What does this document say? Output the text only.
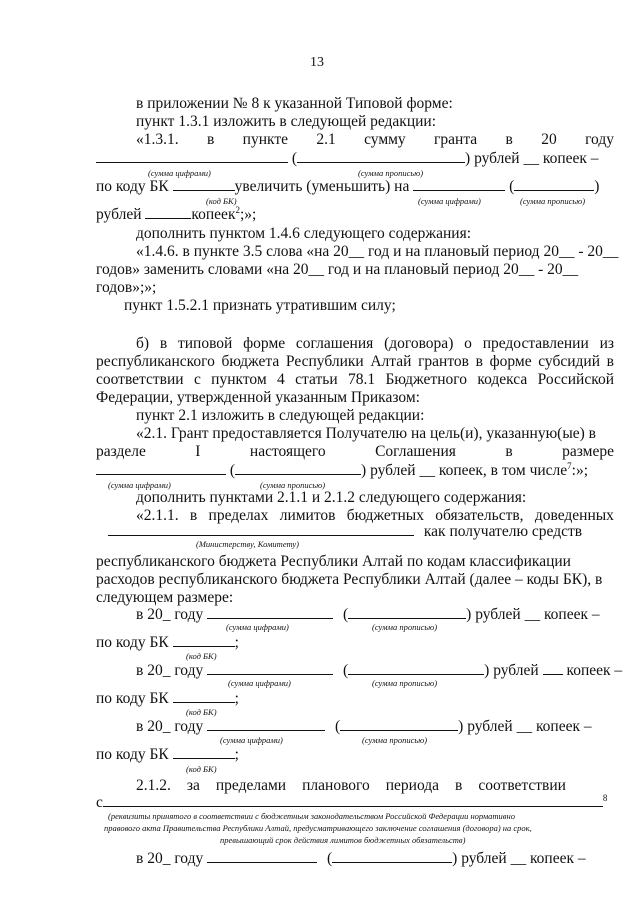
13
в приложении № 8 к указанной Типовой форме:
пункт 1.3.1 изложить в следующей редакции:
«1.3.1. в пункте 2.1 сумму гранта в 20 году
(	) рублей __ копеек –
(сумма цифрами)	(сумма прописью)
по коду БК	увеличить (уменьшить) на	(	)
(код БК)	(сумма цифрами)	(сумма прописью)
рублей	копеек$^2$;»;
дополнить пунктом 1.4.6 следующего содержания:
«1.4.6. в пункте 3.5 слова «на 20__ год и на плановый период 20__ - 20__
годов» заменить словами «на 20__ год и на плановый период 20__ - 20__
годов»;»;
пункт 1.5.2.1 признать утратившим силу;
б) в типовой форме соглашения (договора) о предоставлении из республиканского бюджета Республики Алтай грантов в форме субсидий в соответствии с пунктом 4 статьи 78.1 Бюджетного кодекса Российской Федерации, утвержденной указанным Приказом:
пункт 2.1 изложить в следующей редакции:
«2.1. Грант предоставляется Получателю на цель(и), указанную(ые) в
разделе	I	настоящего	Соглашения	в	размере
(	) рублей __ копеек, в том числе$^7$:»;
(сумма цифрами)	(сумма прописью)
дополнить пунктами 2.1.1 и 2.1.2 следующего содержания:
«2.1.1. в пределах лимитов бюджетных обязательств, доведенных
как получателю средств
(Министерству, Комитету)
республиканского бюджета Республики Алтай по кодам классификации
расходов республиканского бюджета Республики Алтай (далее – коды БК), в
следующем размере:
в 20_ году	(	) рублей __ копеек –
(сумма цифрами)	(сумма прописью)
по коду БК	;
(код БК)
в 20_ году	(	) рублей  копеек –
(сумма цифрами)	(сумма прописью)
по коду БК	;
(код БК)
в 20_ году	(	) рублей __ копеек –
(сумма цифрами)	(сумма прописью)
по коду БК	;
(код БК)
2.1.2. за пределами планового периода в соответствии
с	$^8$
(реквизиты принятого в соответствии с бюджетным законодательством Российской Федерации нормативно
правового акта Правительства Республики Алтай, предусматривающего заключение соглашения (договора) на срок,
превышающий срок действия лимитов бюджетных обязательств)
в 20_ году	(	) рублей __ копеек –
